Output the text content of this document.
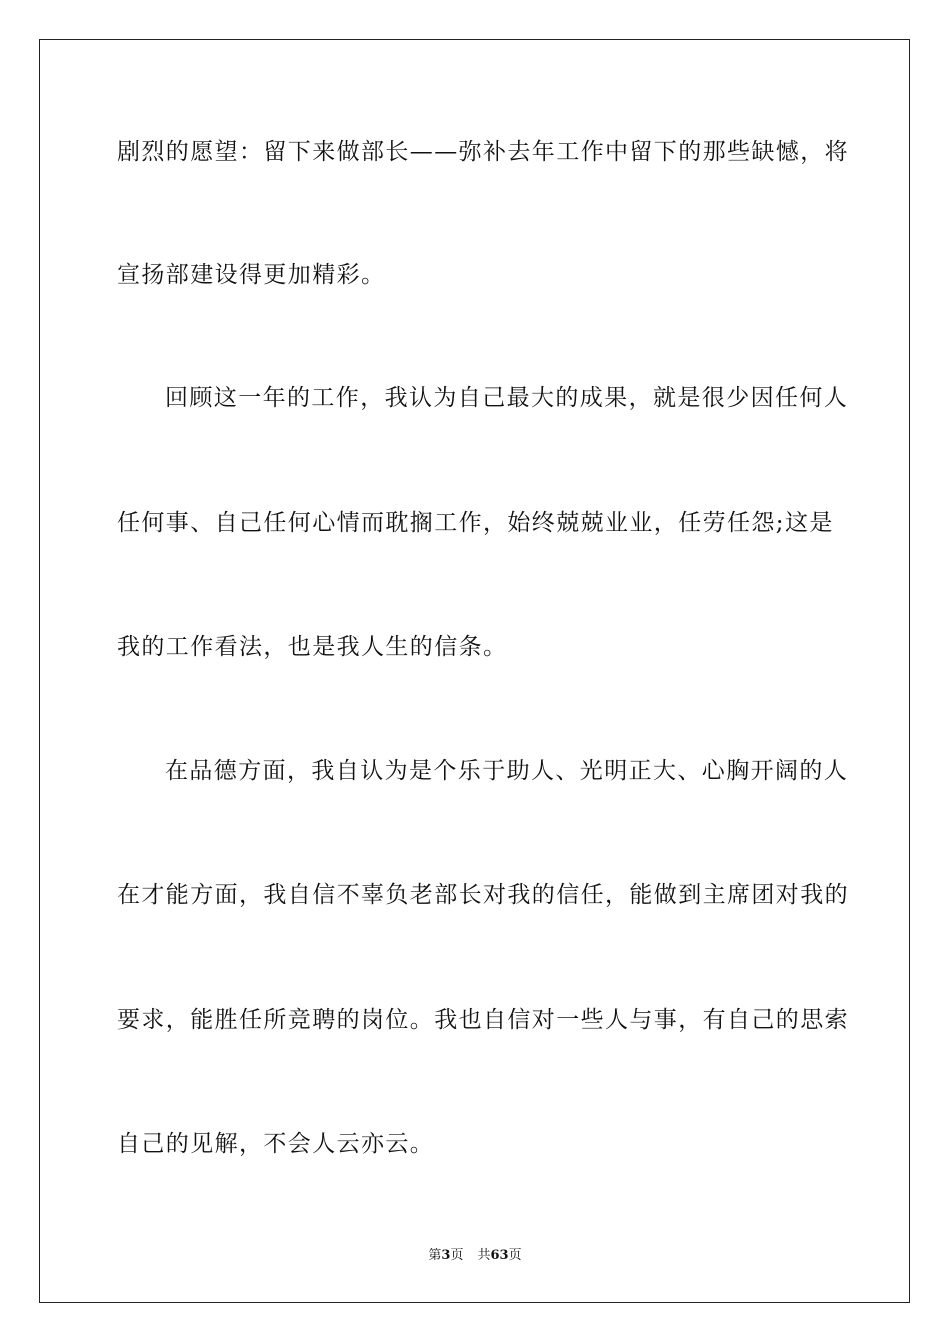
剧烈的愿望：留下来做部长——弥补去年工作中留下的那些缺憾，将
宣扬部建设得更加精彩。
回顾这一年的工作，我认为自己最大的成果，就是很少因任何人
任何事、自己任何心情而耽搁工作，始终兢兢业业，任劳任怨;这是
我的工作看法，也是我人生的信条。
在品德方面，我自认为是个乐于助人、光明正大、心胸开阔的人
在才能方面，我自信不辜负老部长对我的信任，能做到主席团对我的
要求，能胜任所竞聘的岗位。我也自信对一些人与事，有自己的思索
自己的见解，不会人云亦云。
第3页 共63页
